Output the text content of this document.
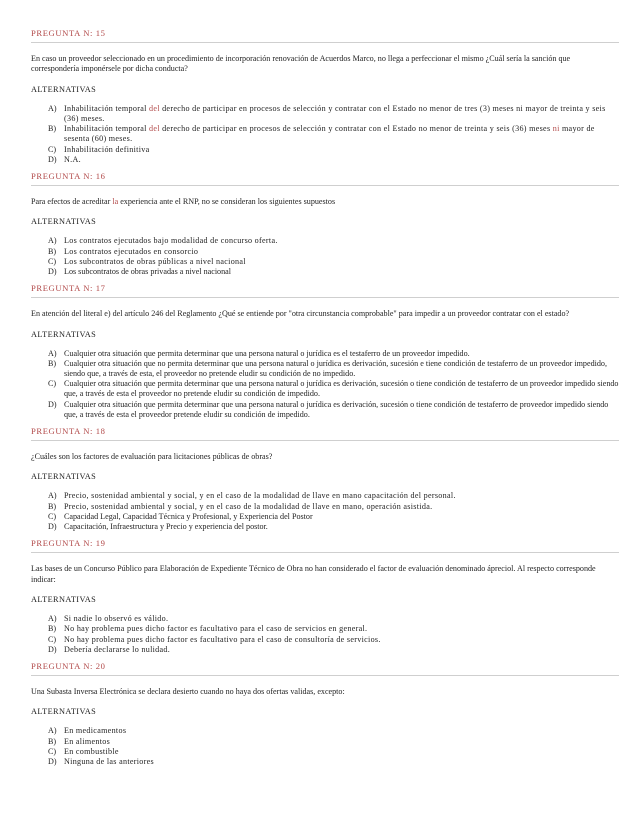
PREGUNTA N: 15

En caso un proveedor seleccionado en un procedimiento de incorporación renovación de Acuerdos Marco, no llega a perfeccionar el mismo ¿Cuál sería la sanción que correspondería imponérsele por dicha conducta?

ALTERNATIVAS
A) Inhabilitación temporal del derecho de participar en procesos de selección y contratar con el Estado no menor de tres (3) meses ni mayor de treinta y seis (36) meses.
B) Inhabilitación temporal del derecho de participar en procesos de selección y contratar con el Estado no menor de treinta y seis (36) meses ni mayor de sesenta (60) meses.
C) Inhabilitación definitiva
D) N.A.
PREGUNTA N: 16

Para efectos de acreditar la experiencia ante el RNP, no se consideran los siguientes supuestos

ALTERNATIVAS
A) Los contratos ejecutados bajo modalidad de concurso oferta.
B) Los contratos ejecutados en consorcio
C) Los subcontratos de obras públicas a nivel nacional
D) Los subcontratos de obras privadas a nivel nacional
PREGUNTA N: 17

En atención del literal e) del artículo 246 del Reglamento ¿Qué se entiende por "otra circunstancia comprobable" para impedir a un proveedor contratar con el estado?

ALTERNATIVAS
A) Cualquier otra situación que permita determinar que una persona natural o jurídica es el testaferro de un proveedor impedido.
B) Cualquier otra situación que no permita determinar que una persona natural o jurídica es derivación, sucesión e tiene condición de testaferro de un proveedor impedido, siendo que, a través de esta, el proveedor no pretende eludir su condición de no impedido.
C) Cualquier otra situación que permita determinar que una persona natural o jurídica es derivación, sucesión o tiene condición de testaferro de un proveedor impedido siendo que, a través de esta el proveedor no pretende eludir su condición de impedido.
D) Cualquier otra situación que permita determinar que una persona natural o jurídica es derivación, sucesión o tiene condición de testaferro de proveedor impedido siendo que, a través de esta el proveedor pretende eludir su condición de impedido.
PREGUNTA N: 18

¿Cuáles son los factores de evaluación para licitaciones públicas de obras?

ALTERNATIVAS
A) Precio, sostenidad ambiental y social, y en el caso de la modalidad de llave en mano capacitación del personal.
B) Precio, sostenidad ambiental y social, y en el caso de la modalidad de llave en mano, operación asistida.
C) Capacidad Legal, Capacidad Técnica y Profesional, y Experiencia del Postor
D) Capacitación, Infraestructura y Precio y experiencia del postor.
PREGUNTA N: 19

Las bases de un Concurso Público para Elaboración de Expediente Técnico de Obra no han considerado el factor de evaluación denominado ápreciol. Al respecto corresponde indicar:

ALTERNATIVAS
A) Si nadie lo observó es válido.
B) No hay problema pues dicho factor es facultativo para el caso de servicios en general.
C) No hay problema pues dicho factor es facultativo para el caso de consultoría de servicios.
D) Debería declararse lo nulidad.
PREGUNTA N: 20

Una Subasta Inversa Electrónica se declara desierto cuando no haya dos ofertas validas, excepto:

ALTERNATIVAS
A) En medicamentos
B) En alimentos
C) En combustible
D) Ninguna de las anteriores
